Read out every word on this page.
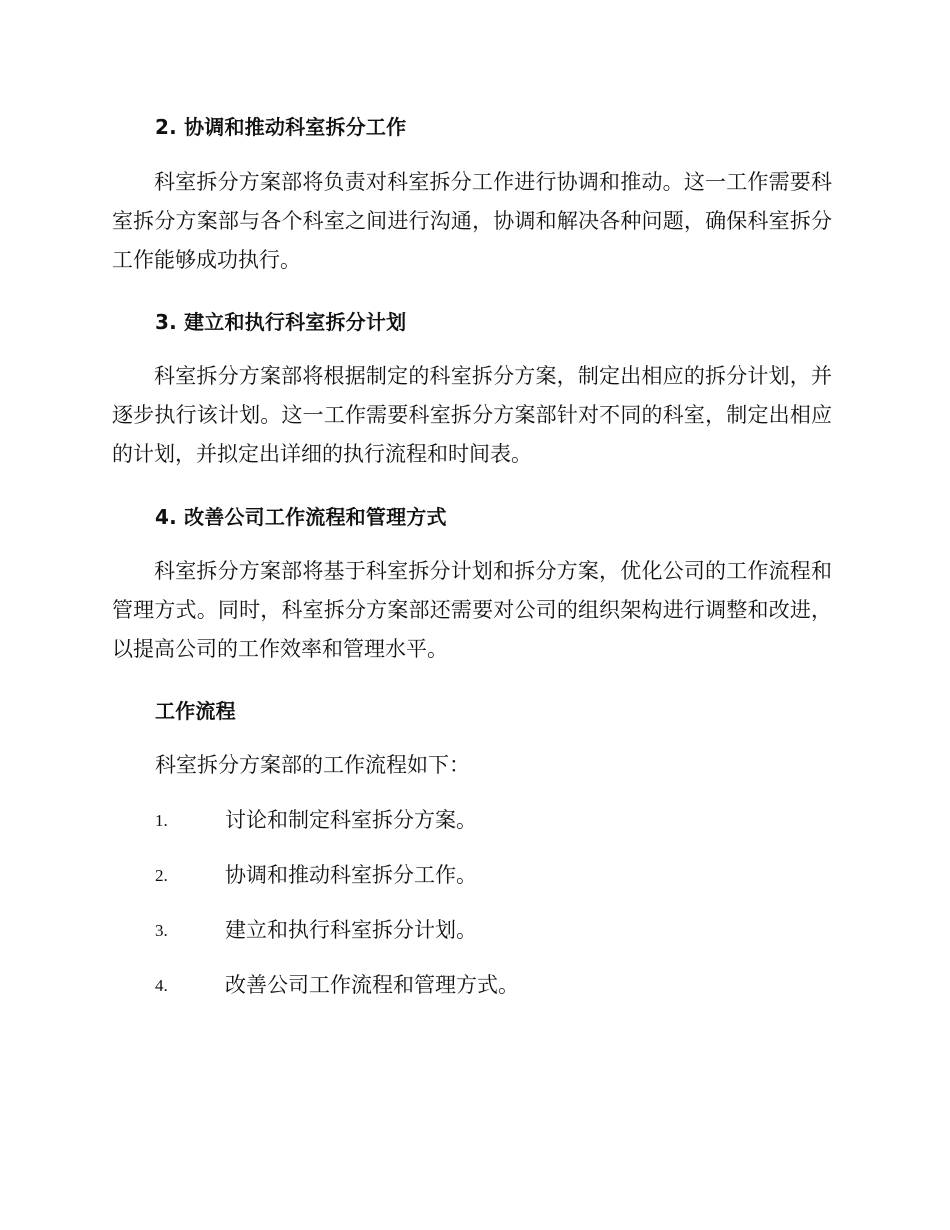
2. 协调和推动科室拆分工作

科室拆分方案部将负责对科室拆分工作进行协调和推动。这一工作需要科室拆分方案部与各个科室之间进行沟通，协调和解决各种问题，确保科室拆分工作能够成功执行。

3. 建立和执行科室拆分计划

科室拆分方案部将根据制定的科室拆分方案，制定出相应的拆分计划，并逐步执行该计划。这一工作需要科室拆分方案部针对不同的科室，制定出相应的计划，并拟定出详细的执行流程和时间表。

4. 改善公司工作流程和管理方式

科室拆分方案部将基于科室拆分计划和拆分方案，优化公司的工作流程和管理方式。同时，科室拆分方案部还需要对公司的组织架构进行调整和改进，以提高公司的工作效率和管理水平。

工作流程

科室拆分方案部的工作流程如下：

1.	讨论和制定科室拆分方案。
2.	协调和推动科室拆分工作。
3.	建立和执行科室拆分计划。
4.	改善公司工作流程和管理方式。
